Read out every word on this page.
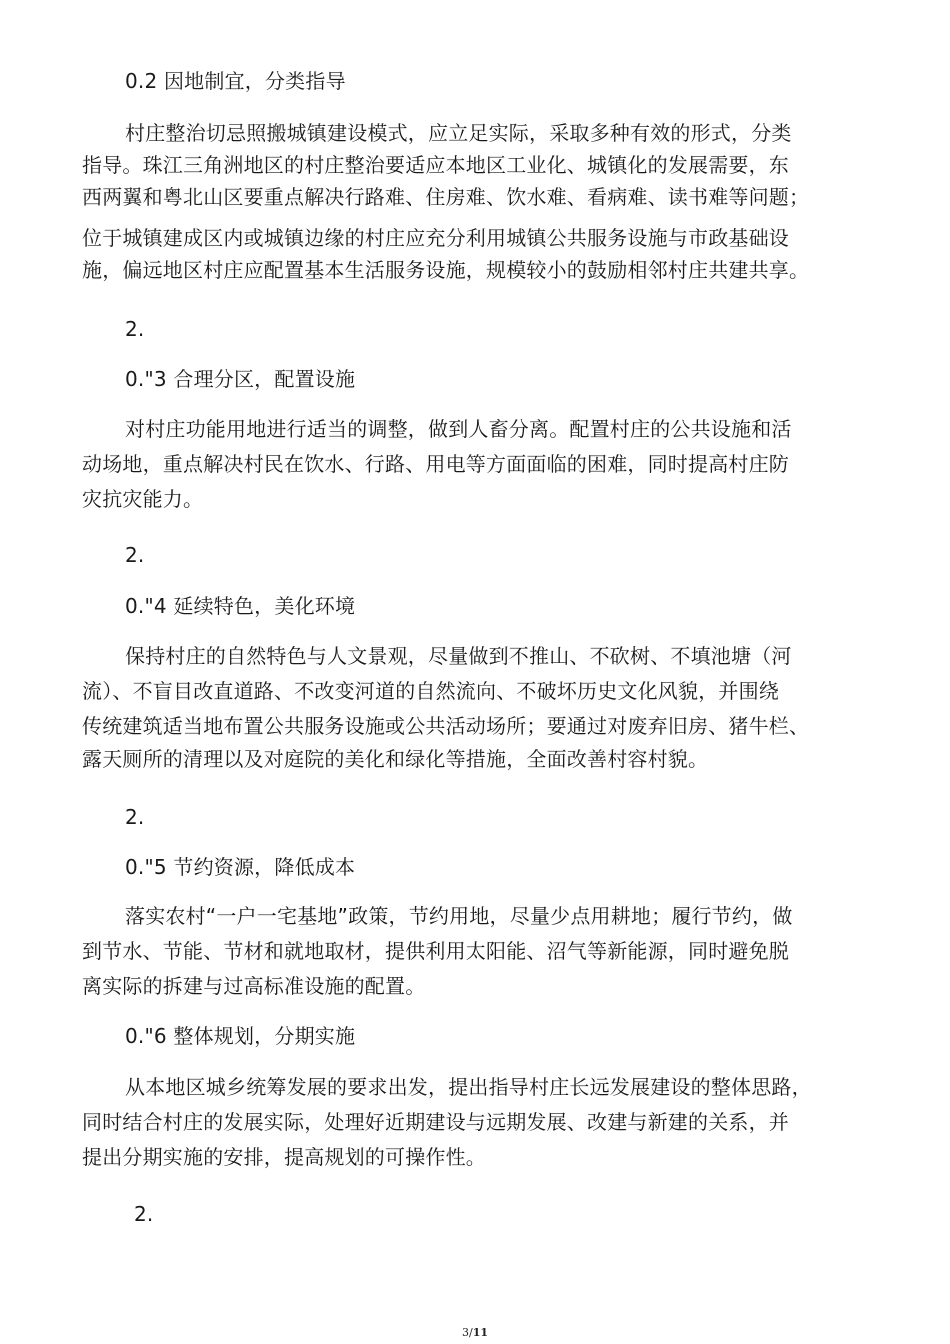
0.2 因地制宜，分类指导
村庄整治切忌照搬城镇建设模式，应立足实际，采取多种有效的形式，分类
指导。珠江三角洲地区的村庄整治要适应本地区工业化、城镇化的发展需要，东
西两翼和粤北山区要重点解决行路难、住房难、饮水难、看病难、读书难等问题；
位于城镇建成区内或城镇边缘的村庄应充分利用城镇公共服务设施与市政基础设
施，偏远地区村庄应配置基本生活服务设施，规模较小的鼓励相邻村庄共建共享。
2.
0."3 合理分区，配置设施
对村庄功能用地进行适当的调整，做到人畜分离。配置村庄的公共设施和活
动场地，重点解决村民在饮水、行路、用电等方面面临的困难，同时提高村庄防
灾抗灾能力。
2.
0."4 延续特色，美化环境
保持村庄的自然特色与人文景观，尽量做到不推山、不砍树、不填池塘（河
流）、不盲目改直道路、不改变河道的自然流向、不破坏历史文化风貌，并围绕
传统建筑适当地布置公共服务设施或公共活动场所；要通过对废弃旧房、猪牛栏、
露天厕所的清理以及对庭院的美化和绿化等措施，全面改善村容村貌。
2.
0."5 节约资源，降低成本
落实农村“一户一宅基地”政策，节约用地，尽量少点用耕地；履行节约，做
到节水、节能、节材和就地取材，提供利用太阳能、沼气等新能源，同时避免脱
离实际的拆建与过高标准设施的配置。
0."6 整体规划，分期实施
从本地区城乡统筹发展的要求出发，提出指导村庄长远发展建设的整体思路，
同时结合村庄的发展实际，处理好近期建设与远期发展、改建与新建的关系，并
提出分期实施的安排，提高规划的可操作性。
2.
3/11
